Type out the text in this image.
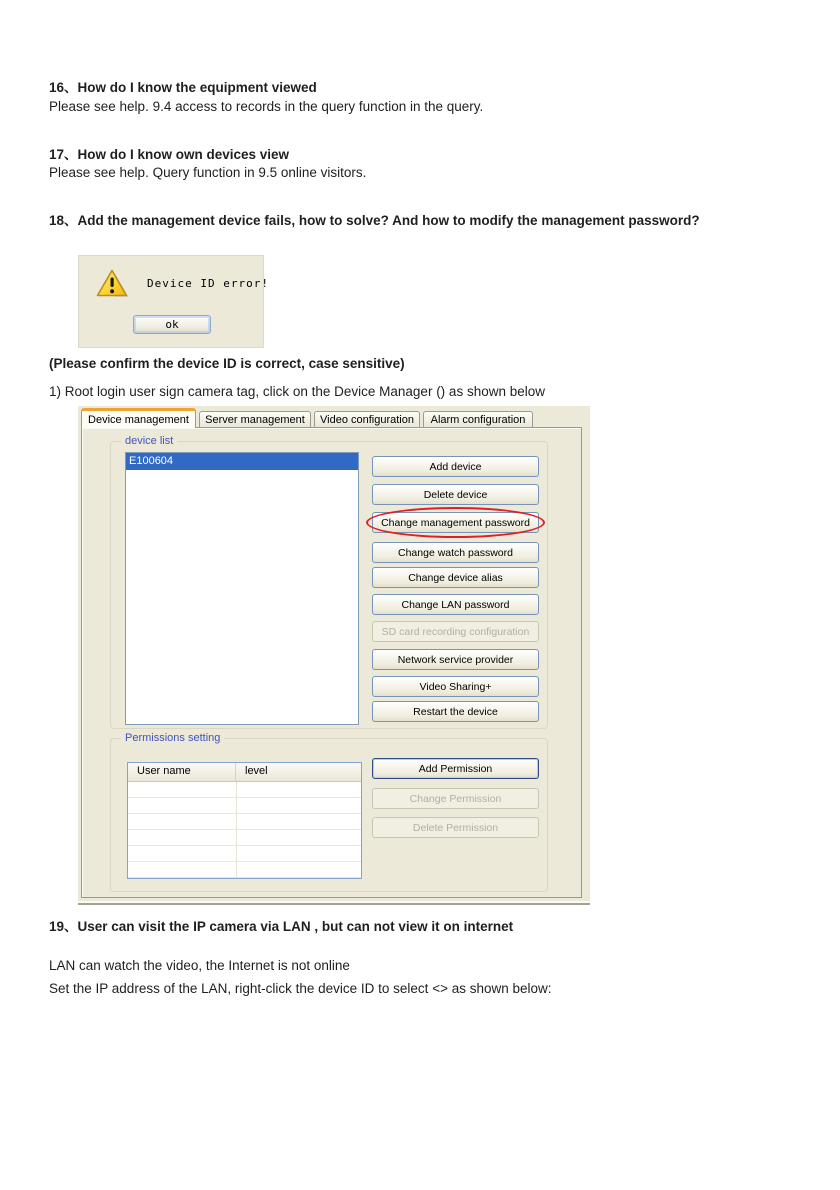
16、How do I know the equipment viewed
Please see help. 9.4 access to records in the query function in the query.
17、How do I know own devices view
Please see help. Query function in 9.5 online visitors.
18、Add the management device fails, how to solve? And how to modify the management password?
Device ID error!
ok
(Please confirm the device ID is correct, case sensitive)
1) Root login user sign camera tag, click on the Device Manager () as shown below
Device management	Server management	Video configuration	Alarm configuration
device list
E100604	Add device
Delete device
Change management password
Change watch password
Change device alias
Change LAN password
SD card recording configuration
Network service provider
Video Sharing+
Restart the device
Permissions setting
User name	level	Add Permission
Change Permission
Delete Permission
19、User can visit the IP camera via LAN , but can not view it on internet
LAN can watch the video, the Internet is not online
Set the IP address of the LAN, right-click the device ID to select <> as shown below:
